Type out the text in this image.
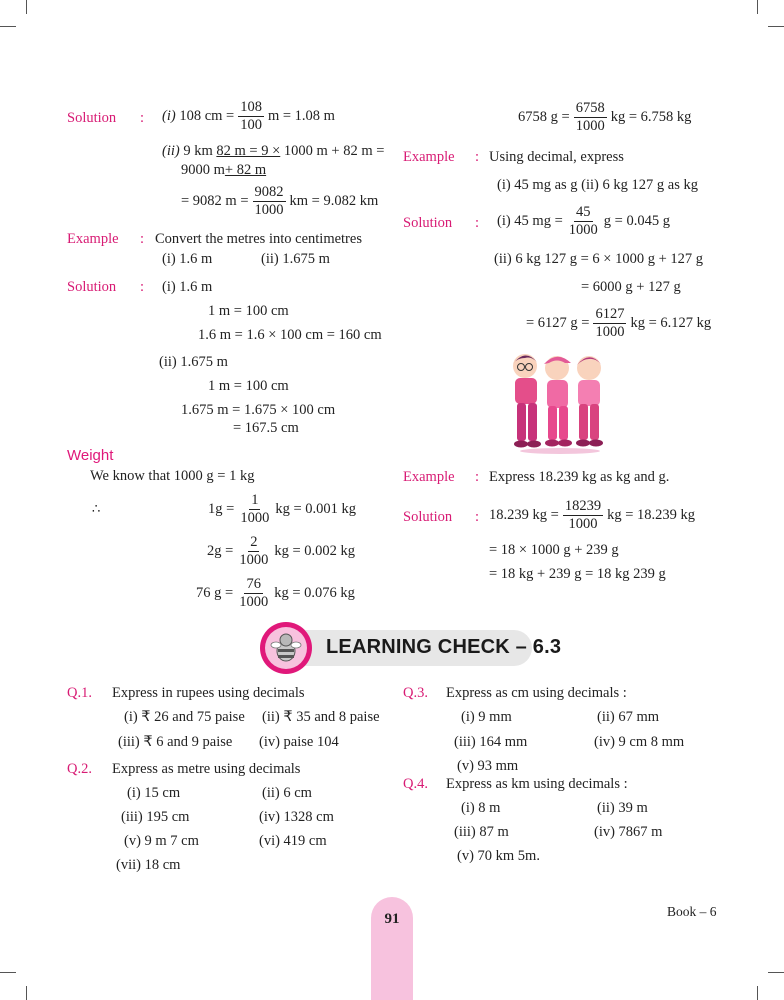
Solution : (i)
108 cm = $\frac{108}{100}$ m = 1.08 m
(ii) 9 km 82 m = 9 × 1000 m + 82 m =
9000 m+ 82 m
= 9082 $m = \frac{9082}{1000}$ km = 9.082 km
Example : Convert the metres into centimetres
(i) 1.6 m	(ii) 1.675 m
Solution : (i) 1.6 m
1 m = 100 cm
1.6 m = 1.6 × 100 cm = 160 cm
(ii) 1.675 m
1 m = 100 cm
1.675 m = 1.675 × 100 cm
= 167.5 cm
Weight
We know that 1000 g = 1 kg
∴	$1g = \frac{1}{1000}$ kg = 0.001 kg
$2g = \frac{2}{1000}$ kg = 0.002 kg
76 $g = \frac{76}{1000}$ kg = 0.076 kg
6758 $g = \frac{6758}{1000}$ kg = 6.758 kg
Example : Using decimal, express
(i) 45 mg as g (ii) 6 kg 127 g as kg
Solution : (i) 45 mg = $\frac{45}{1000}$ g = 0.045 g
(ii) 6 kg 127 g = 6 × 1000 g + 127 g
= 6000 g + 127 g
= 6127 $g = \frac{6127}{1000}$ kg = 6.127 kg
Example : Express 18.239 kg as kg and g.
Solution : 18.239 kg = $\frac{18239}{1000}$ kg = 18.239 kg
= 18 × 1000 g + 239 g
= 18 kg + 239 g = 18 kg 239 g
LEARNING CHECK – 6.3
Q.1. Express in rupees using decimals
(i) ₹ 26 and 75 paise (ii) ₹ 35 and 8 paise
(iii) ₹ 6 and 9 paise (iv) paise 104
Q.2. Express as metre using decimals
(i) 15 cm	(ii) 6 cm
(iii) 195 cm	(iv) 1328 cm
(v) 9 m 7 cm	(vi) 419 cm
(vii) 18 cm
Q.3. Express as cm using decimals :
(i) 9 mm	(ii) 67 mm
(iii) 164 mm	(iv) 9 cm 8 mm
(v) 93 mm
Q.4. Express as km using decimals :
(i) 8 m	(ii) 39 m
(iii) 87 m	(iv) 7867 m
(v) 70 km 5m.
91	Book – 6
